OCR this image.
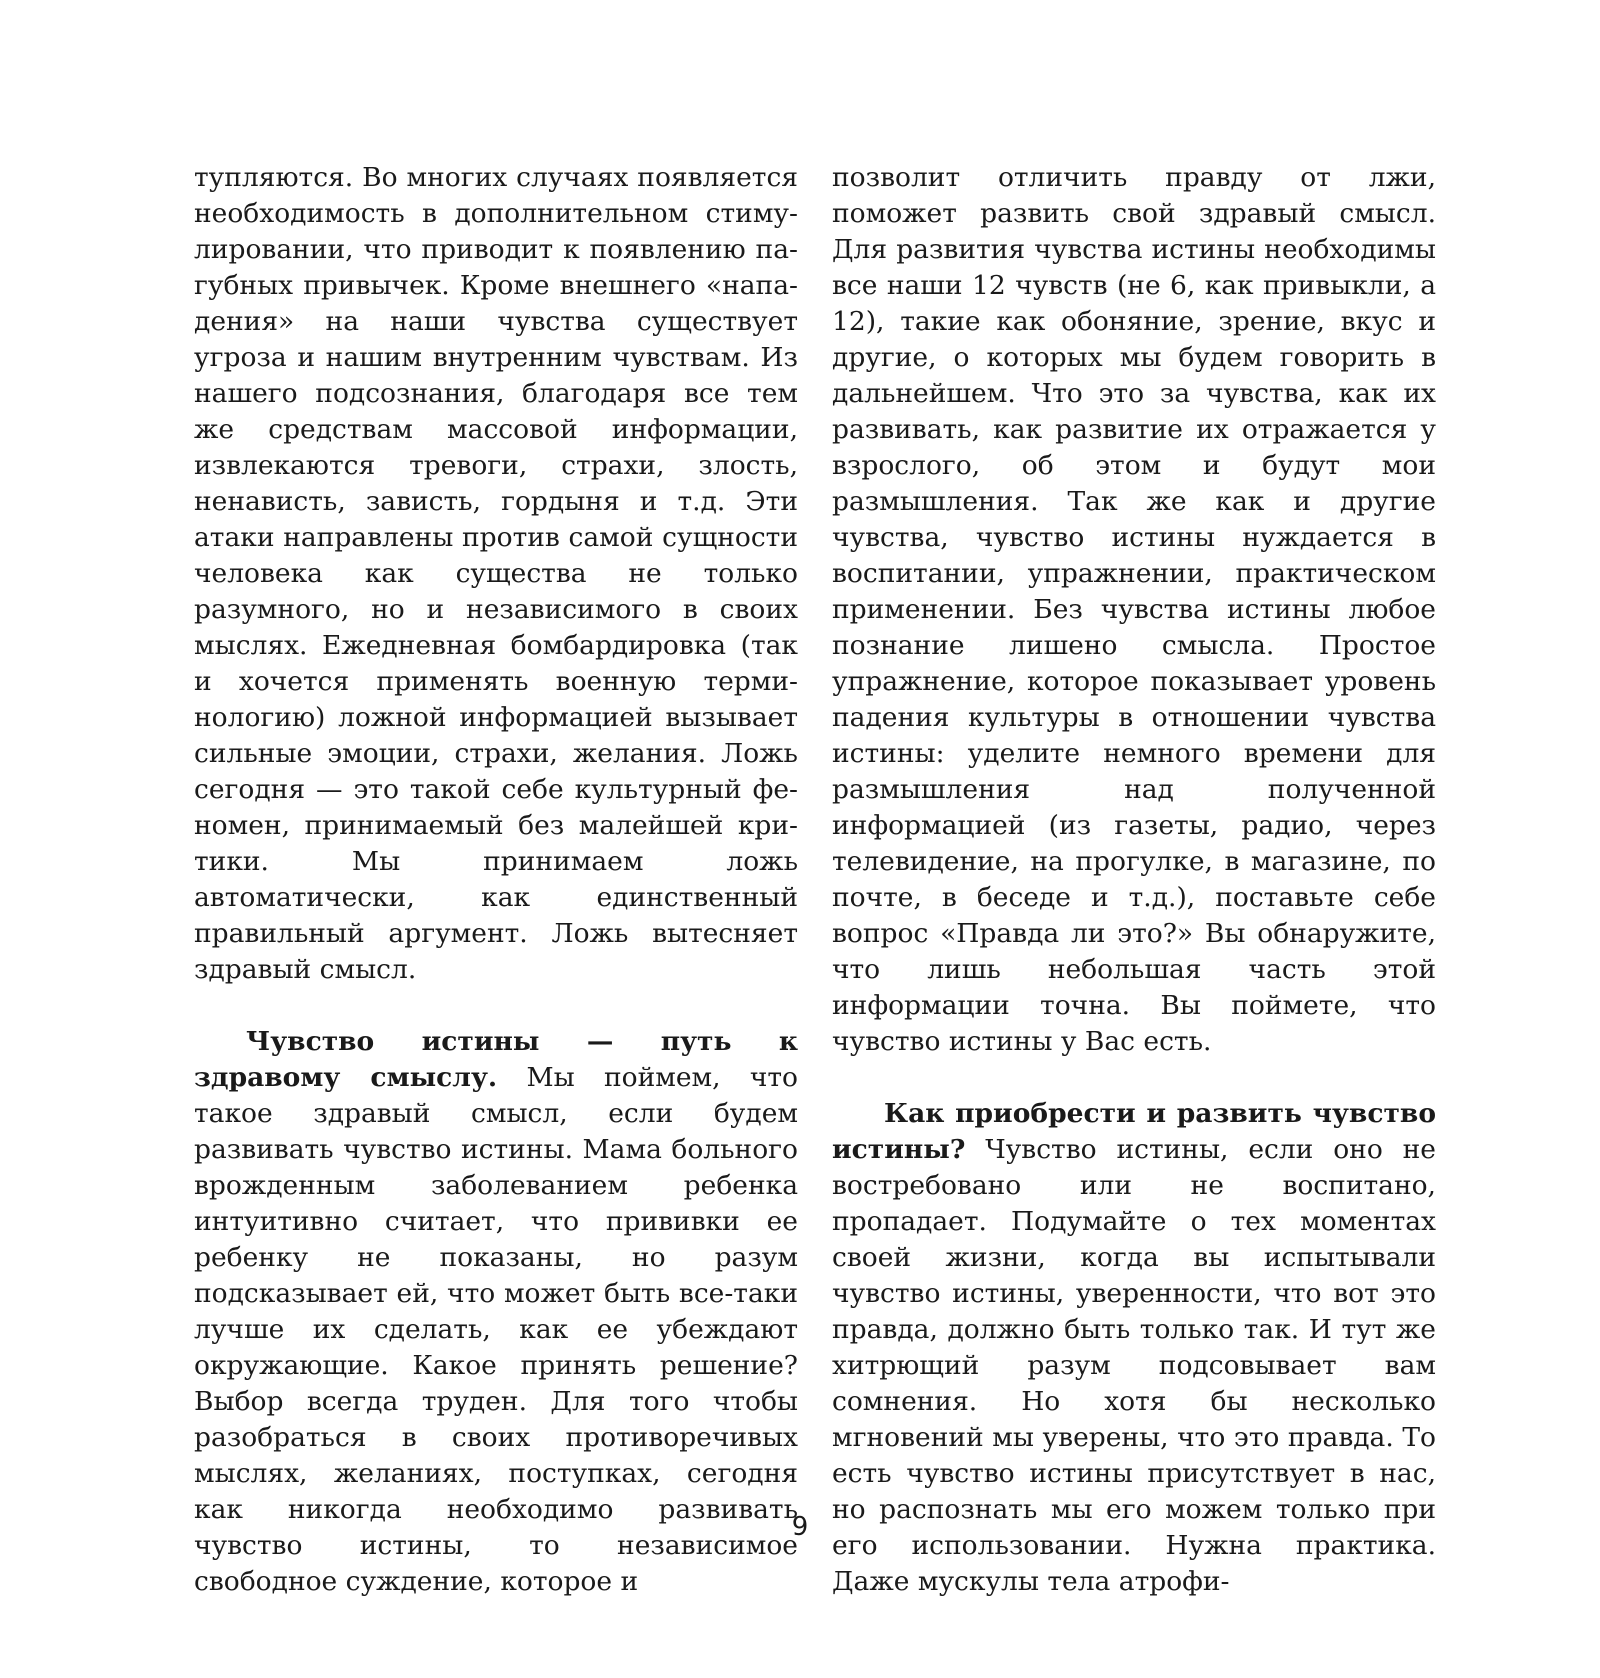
тупляются. Во многих случаях появляется необходимость в дополнительном стимулировании, что приводит к появлению пагубных привычек. Кроме внешнего «нападения» на наши чувства существует угроза и нашим внутренним чувствам. Из нашего подсознания, благодаря все тем же средствам массовой информации, извлекаются тревоги, страхи, злость, ненависть, зависть, гордыня и т.д. Эти атаки направлены против самой сущности человека как существа не только разумного, но и независимого в своих мыслях. Ежедневная бомбардировка (так и хочется применять военную терминологию) ложной информацией вызывает сильные эмоции, страхи, желания. Ложь сегодня — это такой себе культурный феномен, принимаемый без малейшей критики. Мы принимаем ложь автоматически, как единственный правильный аргумент. Ложь вытесняет здравый смысл.

Чувство истины — путь к здравому смыслу. Мы поймем, что такое здравый смысл, если будем развивать чувство истины. Мама больного врожденным заболеванием ребенка интуитивно считает, что прививки ее ребенку не показаны, но разум подсказывает ей, что может быть все-таки лучше их сделать, как ее убеждают окружающие. Какое принять решение? Выбор всегда труден. Для того чтобы разобраться в своих противоречивых мыслях, желаниях, поступках, сегодня как никогда необходимо развивать чувство истины, то независимое свободное суждение, которое и

позволит отличить правду от лжи, поможет развить свой здравый смысл. Для развития чувства истины необходимы все наши 12 чувств (не 6, как привыкли, а 12), такие как обоняние, зрение, вкус и другие, о которых мы будем говорить в дальнейшем. Что это за чувства, как их развивать, как развитие их отражается у взрослого, об этом и будут мои размышления. Так же как и другие чувства, чувство истины нуждается в воспитании, упражнении, практическом применении. Без чувства истины любое познание лишено смысла. Простое упражнение, которое показывает уровень падения культуры в отношении чувства истины: уделите немного времени для размышления над полученной информацией (из газеты, радио, через телевидение, на прогулке, в магазине, по почте, в беседе и т.д.), поставьте себе вопрос «Правда ли это?» Вы обнаружите, что лишь небольшая часть этой информации точна. Вы поймете, что чувство истины у Вас есть.

Как приобрести и развить чувство истины? Чувство истины, если оно не востребовано или не воспитано, пропадает. Подумайте о тех моментах своей жизни, когда вы испытывали чувство истины, уверенности, что вот это правда, должно быть только так. И тут же хитрющий разум подсовывает вам сомнения. Но хотя бы несколько мгновений мы уверены, что это правда. То есть чувство истины присутствует в нас, но распознать мы его можем только при его использовании. Нужна практика. Даже мускулы тела атрофи-

9
